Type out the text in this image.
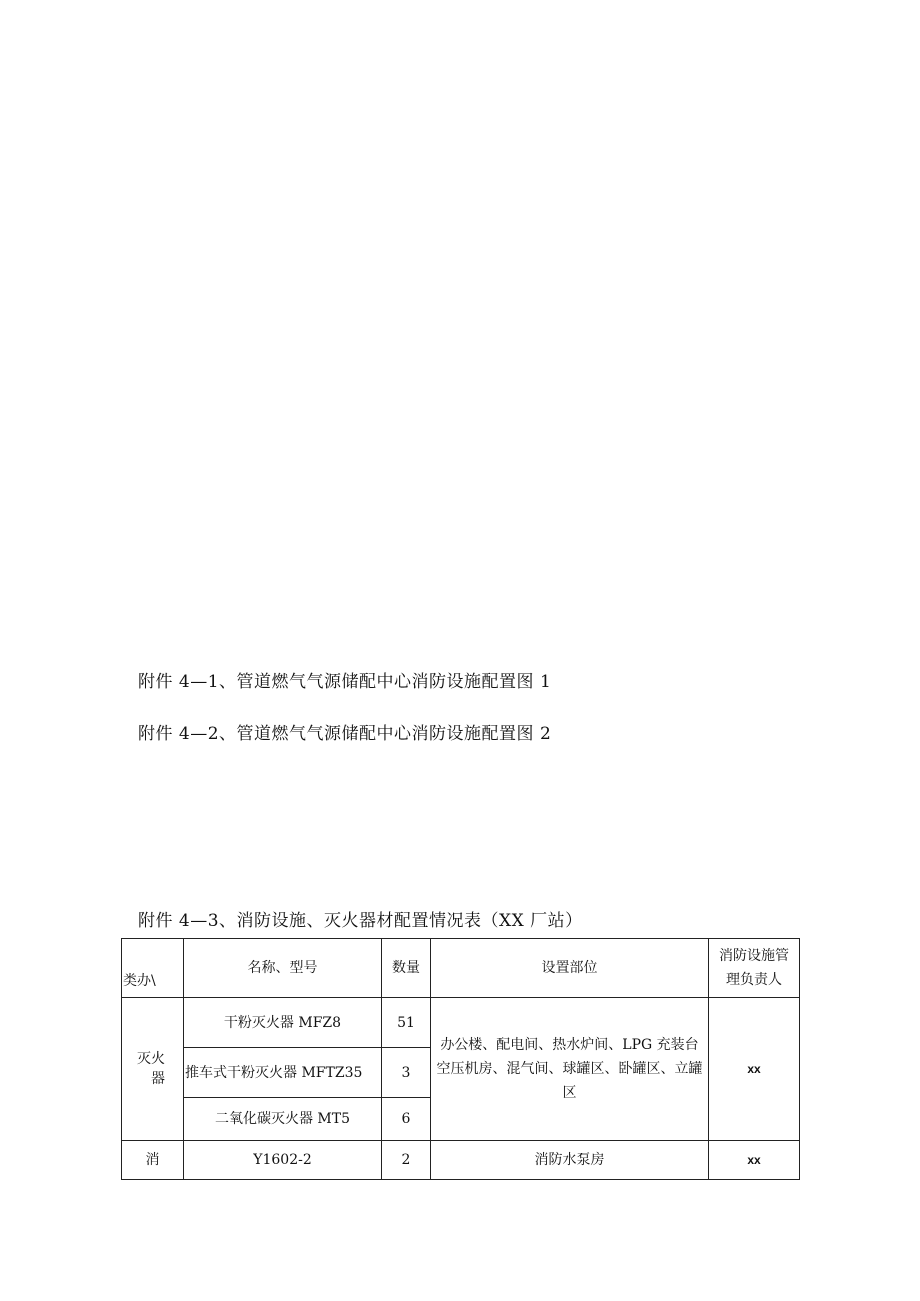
附件 4—1、管道燃气气源储配中心消防设施配置图 1

附件 4—2、管道燃气气源储配中心消防设施配置图 2

附件 4—3、消防设施、灭火器材配置情况表（XX 厂站）

类办\	名称、型号	数量	设置部位	消防设施管理负责人
灭火器	干粉灭火器 MFZ8	51	办公楼、配电间、热水炉间、LPG 充装台空压机房、混气间、球罐区、卧罐区、立罐区	xx
	推车式干粉灭火器 MFTZ35	3		
	二氧化碳灭火器 MT5	6		
消	Y1602-2	2	消防水泵房	xx
